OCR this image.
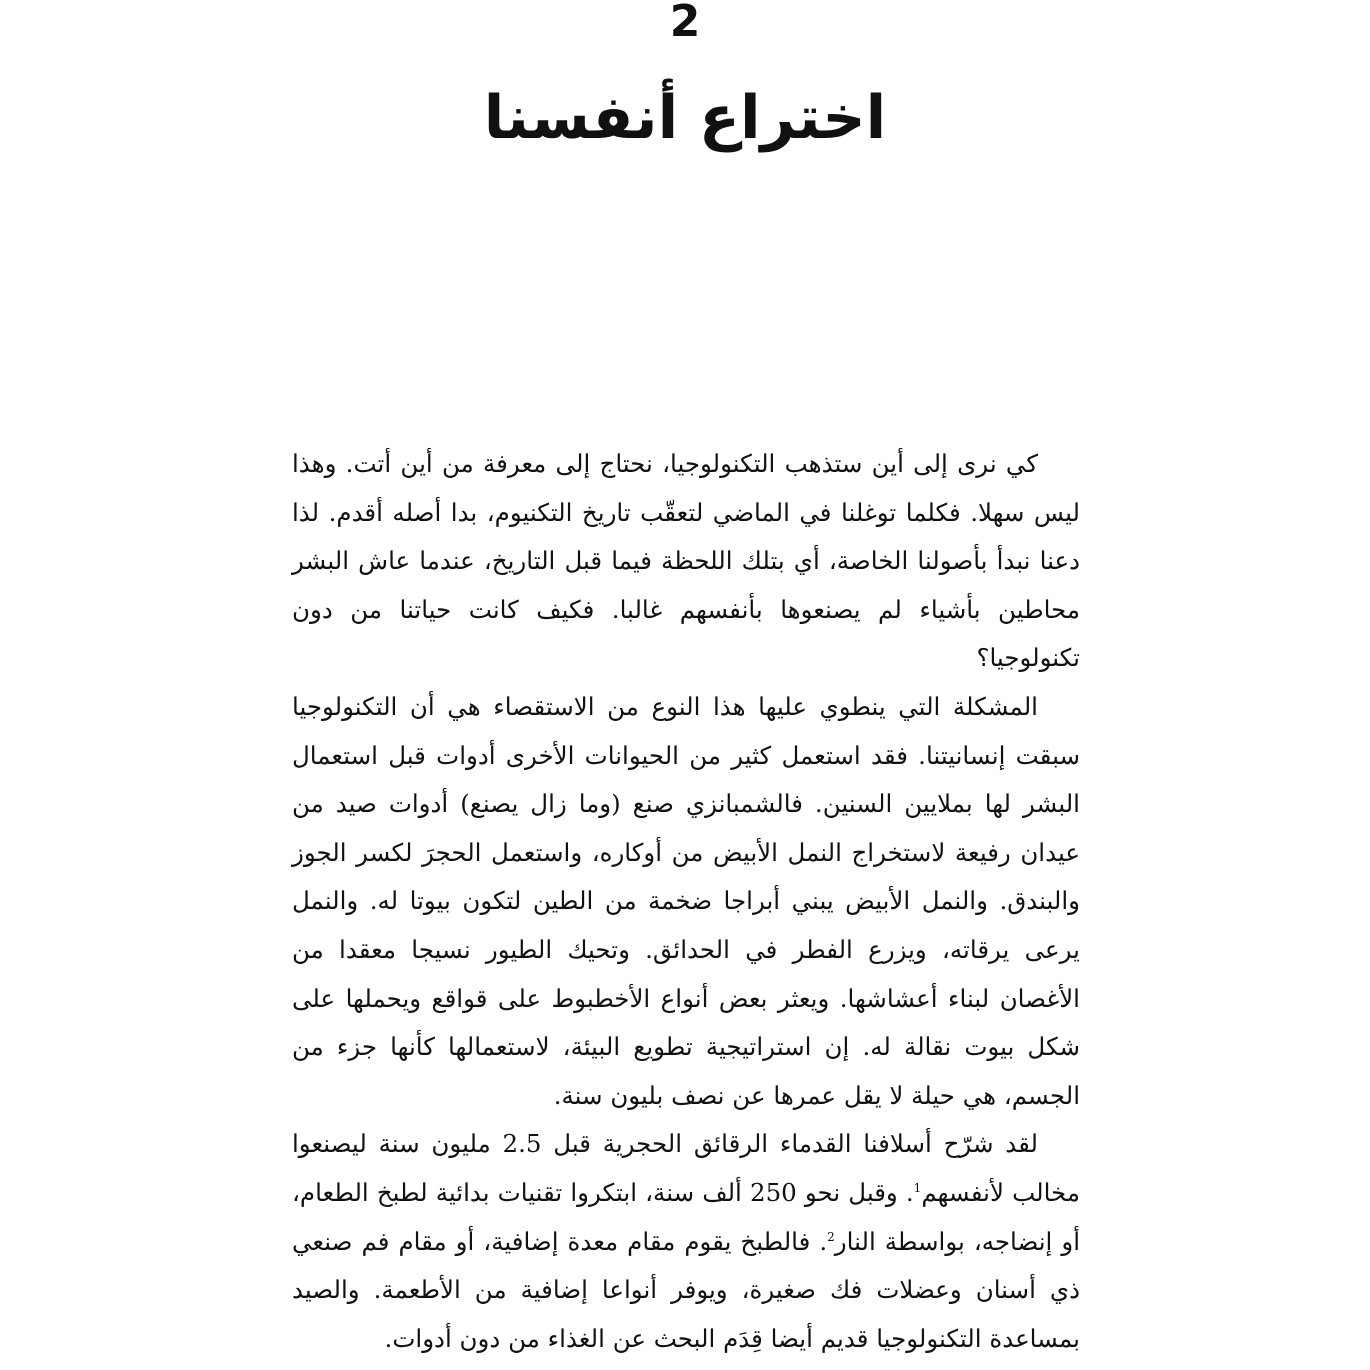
2
اختراع أنفسنا

كي نرى إلى أين ستذهب التكنولوجيا، نحتاج إلى معرفة من أين أتت. وهذا ليس سهلا. فكلما توغلنا في الماضي لتعقّب تاريخ التكنيوم، بدا أصله أقدم. لذا دعنا نبدأ بأصولنا الخاصة، أي بتلك اللحظة فيما قبل التاريخ، عندما عاش البشر محاطين بأشياء لم يصنعوها بأنفسهم غالبا. فكيف كانت حياتنا من دون تكنولوجيا؟

المشكلة التي ينطوي عليها هذا النوع من الاستقصاء هي أن التكنولوجيا سبقت إنسانيتنا. فقد استعمل كثير من الحيوانات الأخرى أدوات قبل استعمال البشر لها بملايين السنين. فالشمبانزي صنع (وما زال يصنع) أدوات صيد من عيدان رفيعة لاستخراج النمل الأبيض من أوكاره، واستعمل الحجرَ لكسر الجوز والبندق. والنمل الأبيض يبني أبراجا ضخمة من الطين لتكون بيوتا له. والنمل يرعى يرقاته، ويزرع الفطر في الحدائق. وتحيك الطيور نسيجا معقدا من الأغصان لبناء أعشاشها. ويعثر بعض أنواع الأخطبوط على قواقع ويحملها على شكل بيوت نقالة له. إن استراتيجية تطويع البيئة، لاستعمالها كأنها جزء من الجسم، هي حيلة لا يقل عمرها عن نصف بليون سنة.

لقد شرّح أسلافنا القدماء الرقائق الحجرية قبل 2.5 مليون سنة ليصنعوا مخالب لأنفسهم$^1$. وقبل نحو 250 ألف سنة، ابتكروا تقنيات بدائية لطبخ الطعام، أو إنضاجه، بواسطة النار$^2$. فالطبخ يقوم مقام معدة إضافية، أو مقام فم صنعي ذي أسنان وعضلات فك صغيرة، ويوفر أنواعا إضافية من الأطعمة. والصيد بمساعدة التكنولوجيا قديم أيضا قِدَم البحث عن الغذاء من دون أدوات.
